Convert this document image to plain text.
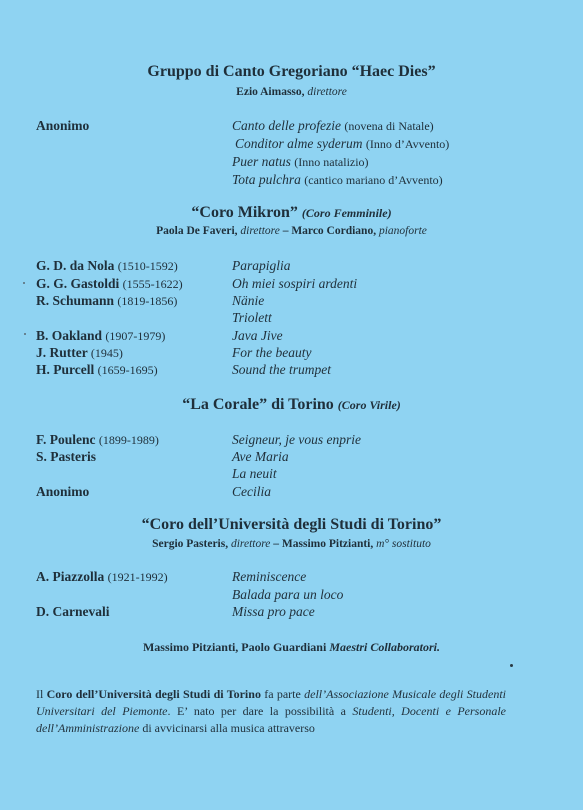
Gruppo di Canto Gregoriano “Haec Dies”
Ezio Aimasso, direttore
Anonimo	Canto delle profezie (novena di Natale)
Conditor alme syderum (Inno d’Avvento)
Puer natus (Inno natalizio)
Tota pulchra (cantico mariano d’Avvento)
“Coro Mikron” (Coro Femminile)
Paola De Faveri, direttore – Marco Cordiano, pianoforte
G. D. da Nola (1510-1592)	Parapiglia
G. G. Gastoldi (1555-1622)	Oh miei sospiri ardenti
R. Schumann (1819-1856)	Nänie
Triolett
B. Oakland (1907-1979)	Java Jive
J. Rutter (1945)	For the beauty
H. Purcell (1659-1695)	Sound the trumpet
“La Corale” di Torino (Coro Virile)
F. Poulenc (1899-1989)	Seigneur, je vous enprie
S. Pasteris	Ave Maria
La neuit
Anonimo	Cecilia
“Coro dell’Università degli Studi di Torino”
Sergio Pasteris, direttore – Massimo Pitzianti, m° sostituto
A. Piazzolla (1921-1992)	Reminiscence
Balada para un loco
D. Carnevali	Missa pro pace
Massimo Pitzianti, Paolo Guardiani Maestri Collaboratori.
Il Coro dell’Università degli Studi di Torino fa parte dell’Associazione Musicale degli Studenti Universitari del Piemonte. E’ nato per dare la possibilità a Studenti, Docenti e Personale dell’Amministrazione di avvicinarsi alla musica attraverso
